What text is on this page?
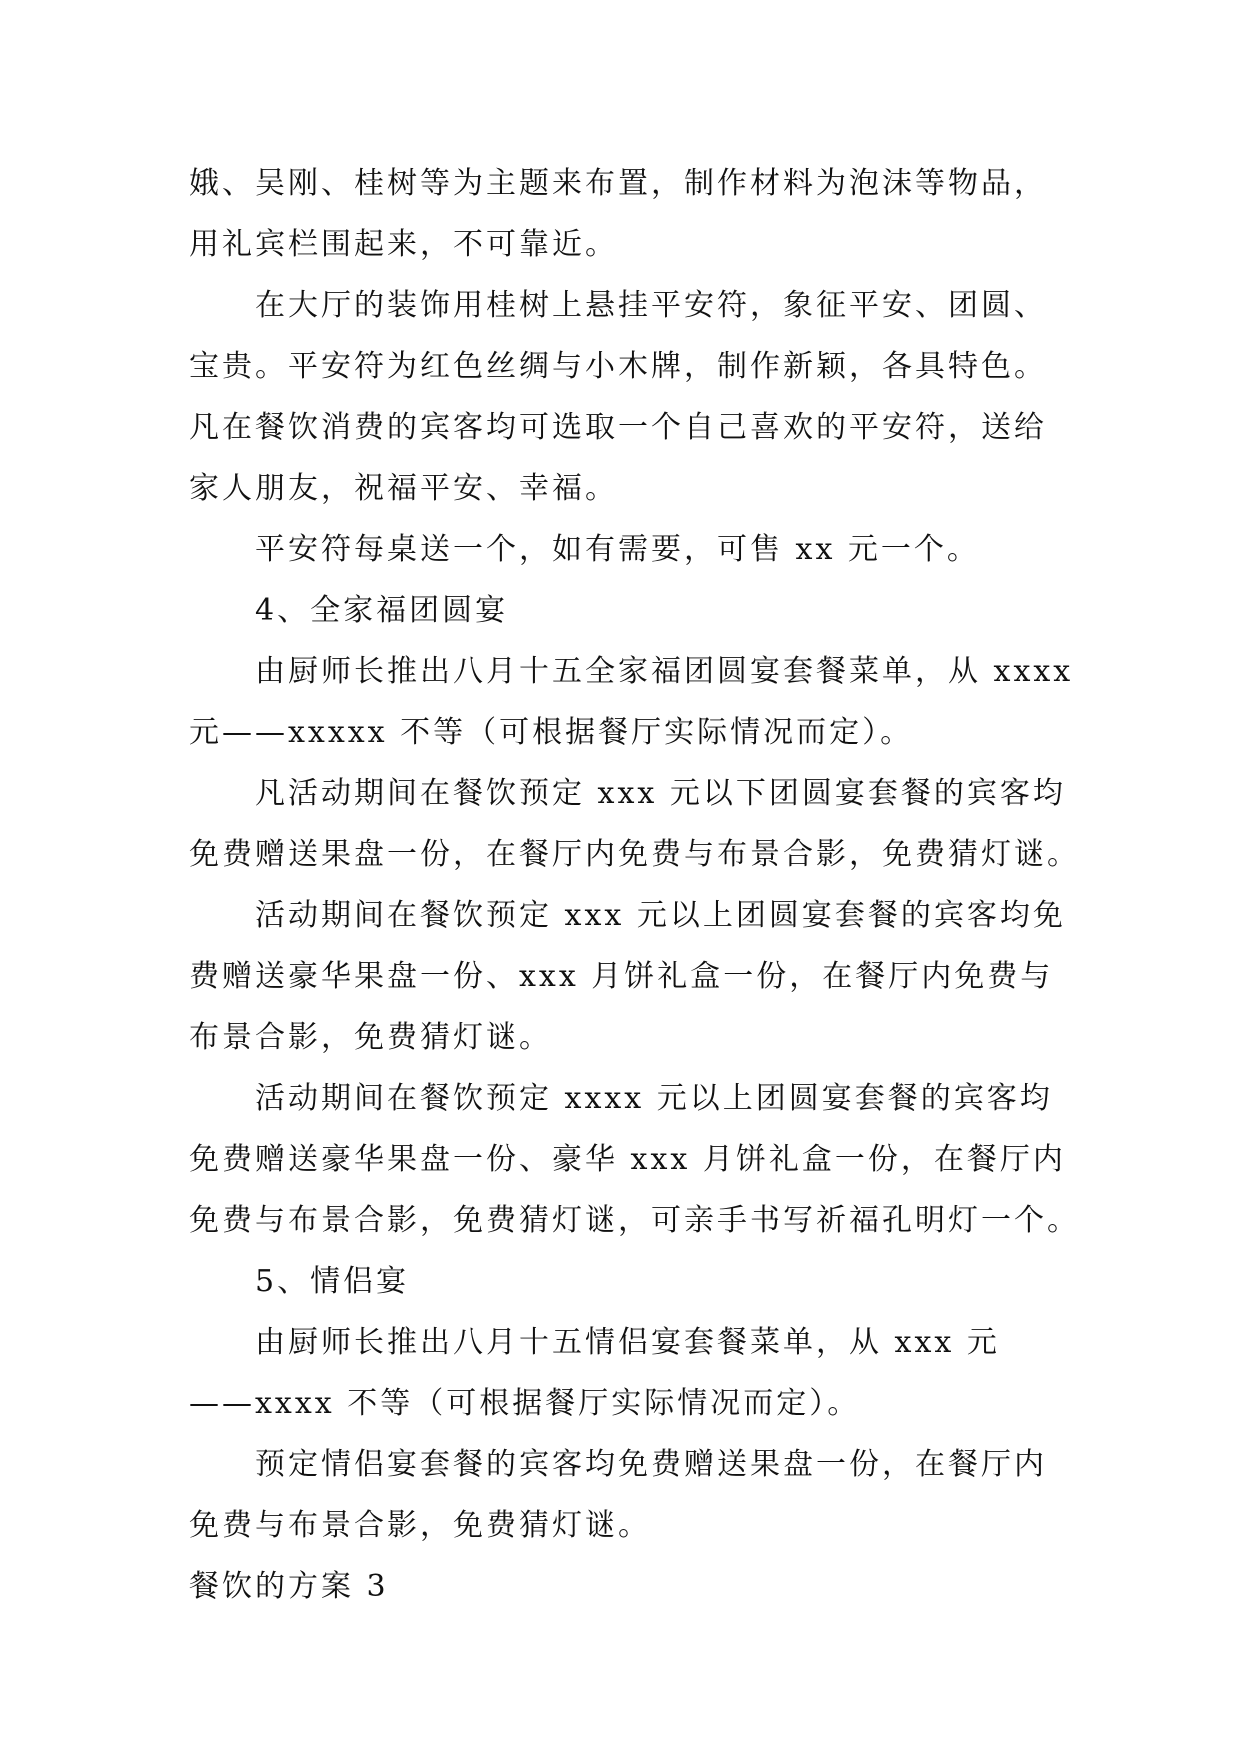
娥、吴刚、桂树等为主题来布置，制作材料为泡沫等物品，
用礼宾栏围起来，不可靠近。
在大厅的装饰用桂树上悬挂平安符，象征平安、团圆、
宝贵。平安符为红色丝绸与小木牌，制作新颖，各具特色。
凡在餐饮消费的宾客均可选取一个自己喜欢的平安符，送给
家人朋友，祝福平安、幸福。
平安符每桌送一个，如有需要，可售 xx 元一个。
4、全家福团圆宴
由厨师长推出八月十五全家福团圆宴套餐菜单，从 xxxx
元——xxxxx 不等（可根据餐厅实际情况而定）。
凡活动期间在餐饮预定 xxx 元以下团圆宴套餐的宾客均
免费赠送果盘一份，在餐厅内免费与布景合影，免费猜灯谜。
活动期间在餐饮预定 xxx 元以上团圆宴套餐的宾客均免
费赠送豪华果盘一份、xxx 月饼礼盒一份，在餐厅内免费与
布景合影，免费猜灯谜。
活动期间在餐饮预定 xxxx 元以上团圆宴套餐的宾客均
免费赠送豪华果盘一份、豪华 xxx 月饼礼盒一份，在餐厅内
免费与布景合影，免费猜灯谜，可亲手书写祈福孔明灯一个。
5、情侣宴
由厨师长推出八月十五情侣宴套餐菜单，从 xxx 元
——xxxx 不等（可根据餐厅实际情况而定）。
预定情侣宴套餐的宾客均免费赠送果盘一份，在餐厅内
免费与布景合影，免费猜灯谜。
餐饮的方案 3
